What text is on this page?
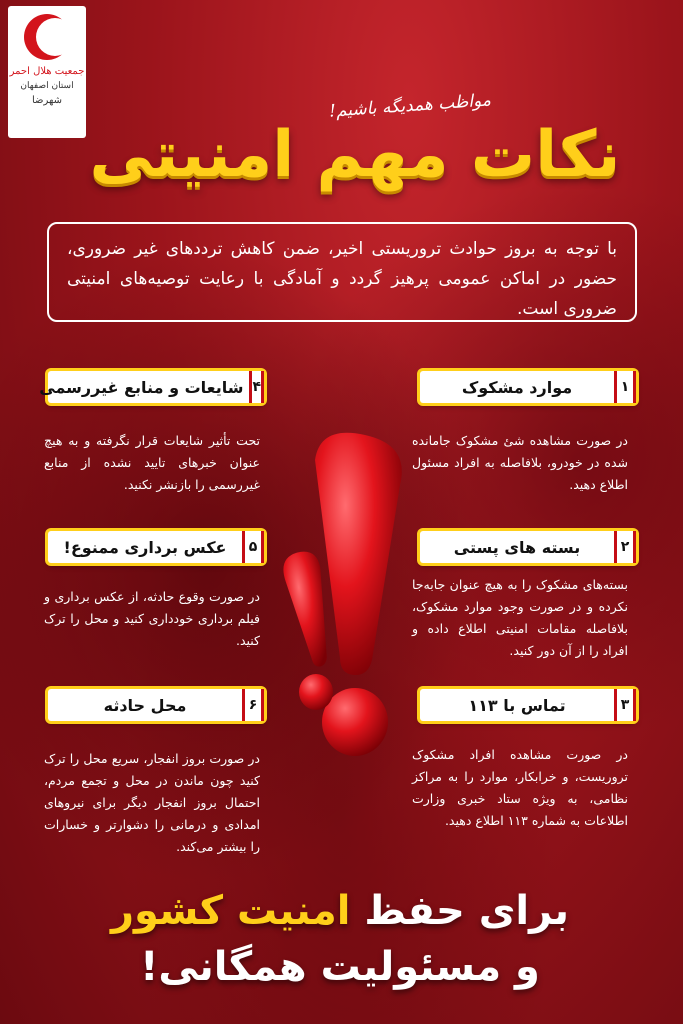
جمعیت هلال احمر
استان اصفهان
شهرضا	مواظب همدیگه باشیم!
نکات مهم امنیتی
با توجه به بروز حوادث تروریستی اخیر، ضمن کاهش ترددهای غیر ضروری، حضور در اماکن عمومی پرهیز گردد و آمادگی با رعایت توصیه‌های امنیتی ضروری است.
۱
موارد مشکوک
در صورت مشاهده شئ مشکوک جامانده شده در خودرو، بلافاصله به افراد مسئول اطلاع دهید.
۲
بسته های پستی
بسته‌های مشکوک را به هیچ عنوان جابه‌جا نکرده و در صورت وجود موارد مشکوک، بلافاصله مقامات امنیتی اطلاع داده و افراد را از آن دور کنید.
۳
تماس با ۱۱۳
در صورت مشاهده افراد مشکوک تروریست، و خرابکار، موارد را به مراکز نظامی، به ویژه ستاد خبری وزارت اطلاعات به شماره ۱۱۳ اطلاع دهید.
۴
شایعات و منابع غیررسمی
تحت تأثیر شایعات قرار نگرفته و به هیچ عنوان خبرهای تایید نشده از منابع غیررسمی را بازنشر نکنید.
۵
عکس برداری ممنوع!
در صورت وقوع حادثه، از عکس برداری و فیلم برداری خودداری کنید و محل را ترک کنید.
۶
محل حادثه
در صورت بروز انفجار، سریع محل را ترک کنید چون ماندن در محل و تجمع مردم، احتمال بروز انفجار دیگر برای نیروهای امدادی و درمانی را دشوارتر و خسارات را بیشتر می‌کند.
برای حفظ امنیت کشور
و مسئولیت همگانی!
